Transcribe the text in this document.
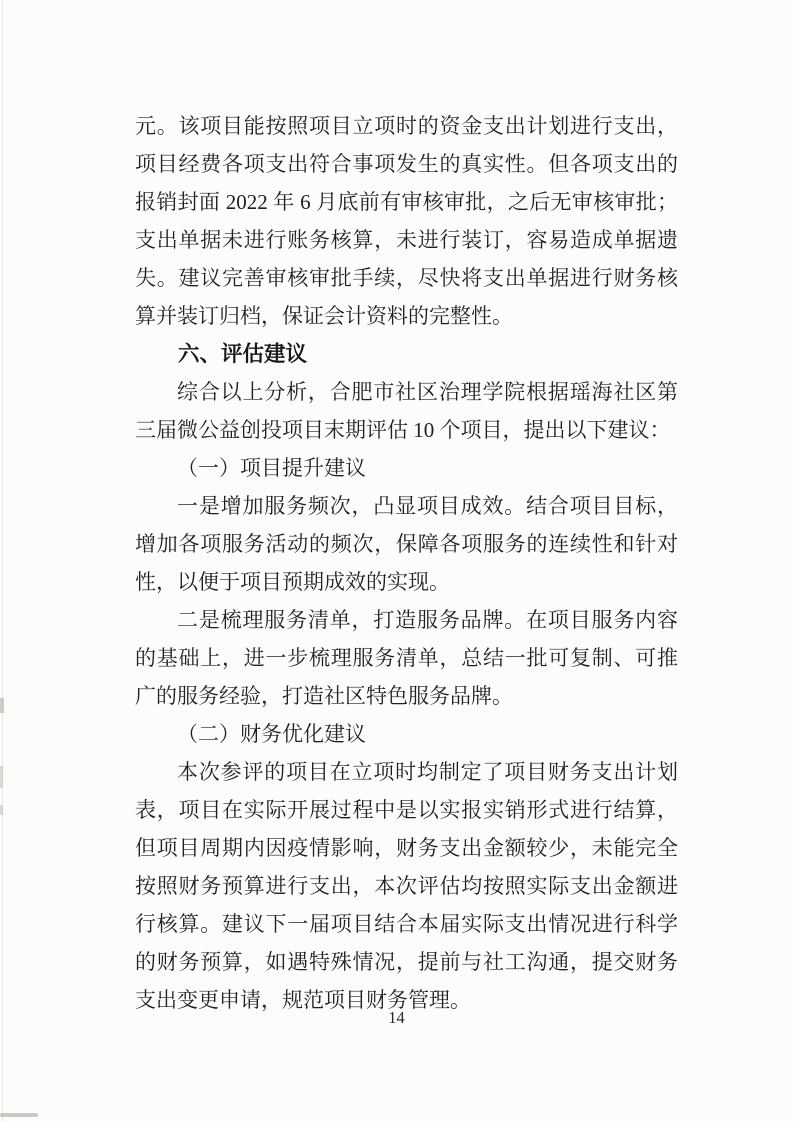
元。该项目能按照项目立项时的资金支出计划进行支出，项目经费各项支出符合事项发生的真实性。但各项支出的报销封面 2022 年 6 月底前有审核审批，之后无审核审批；支出单据未进行账务核算，未进行装订，容易造成单据遗失。建议完善审核审批手续，尽快将支出单据进行财务核算并装订归档，保证会计资料的完整性。

六、评估建议

综合以上分析，合肥市社区治理学院根据瑶海社区第三届微公益创投项目末期评估 10 个项目，提出以下建议：

（一）项目提升建议

一是增加服务频次，凸显项目成效。结合项目目标，增加各项服务活动的频次，保障各项服务的连续性和针对性，以便于项目预期成效的实现。

二是梳理服务清单，打造服务品牌。在项目服务内容的基础上，进一步梳理服务清单，总结一批可复制、可推广的服务经验，打造社区特色服务品牌。

（二）财务优化建议

本次参评的项目在立项时均制定了项目财务支出计划表，项目在实际开展过程中是以实报实销形式进行结算，但项目周期内因疫情影响，财务支出金额较少，未能完全按照财务预算进行支出，本次评估均按照实际支出金额进行核算。建议下一届项目结合本届实际支出情况进行科学的财务预算，如遇特殊情况，提前与社工沟通，提交财务支出变更申请，规范项目财务管理。

14
